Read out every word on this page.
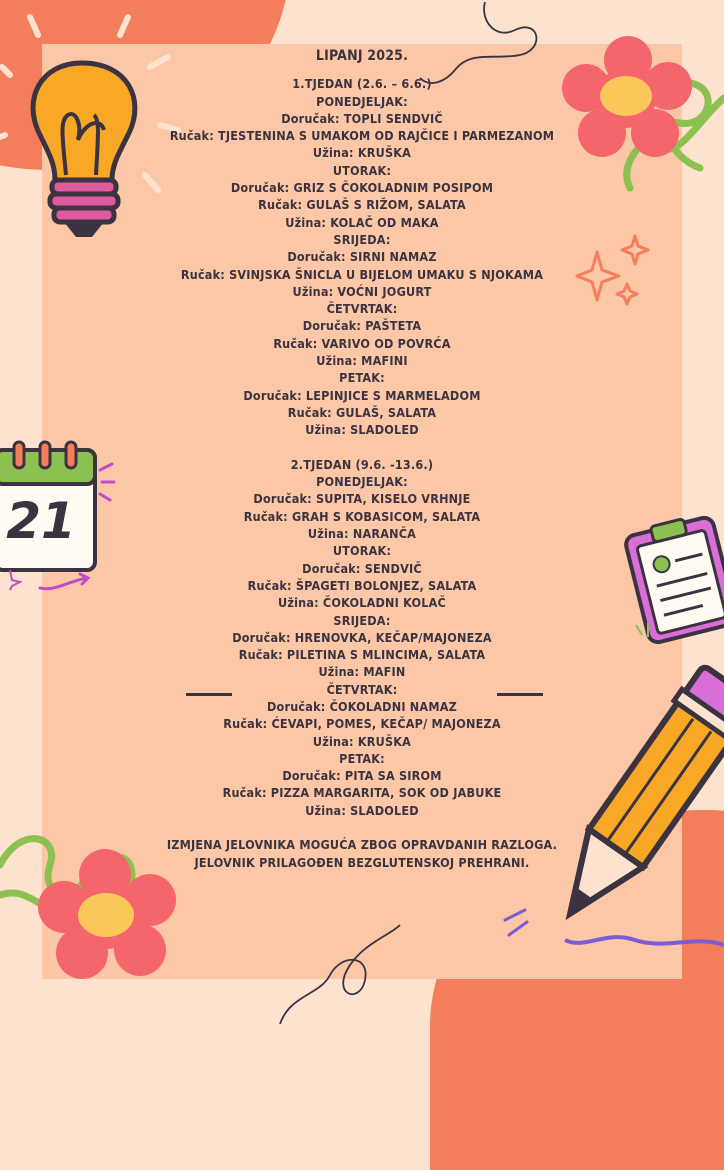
21
LIPANJ 2025.
1.TJEDAN (2.6. – 6.6.)
PONEDJELJAK:
Doručak: TOPLI SENDVIČ
Ručak: TJESTENINA S UMAKOM OD RAJČICE I PARMEZANOM
Užina: KRUŠKA
UTORAK:
Doručak: GRIZ S ČOKOLADNIM POSIPOM
Ručak: GULAŠ S RIŽOM, SALATA
Užina: KOLAČ OD MAKA
SRIJEDA:
Doručak: SIRNI NAMAZ
Ručak: SVINJSKA ŠNICLA U BIJELOM UMAKU S NJOKAMA
Užina: VOĆNI JOGURT
ČETVRTAK:
Doručak: PAŠTETA
Ručak: VARIVO OD POVRĆA
Užina: MAFINI
PETAK:
Doručak: LEPINJICE S MARMELADOM
Ručak: GULAŠ, SALATA
Užina: SLADOLED
2.TJEDAN (9.6. -13.6.)
PONEDJELJAK:
Doručak: SUPITA, KISELO VRHNJE
Ručak: GRAH S KOBASICOM, SALATA
Užina: NARANČA
UTORAK:
Doručak: SENDVIČ
Ručak: ŠPAGETI BOLONJEZ, SALATA
Užina: ČOKOLADNI KOLAČ
SRIJEDA:
Doručak: HRENOVKA, KEČAP/MAJONEZA
Ručak: PILETINA S MLINCIMA, SALATA
Užina: MAFIN
ČETVRTAK:
Doručak: ČOKOLADNI NAMAZ
Ručak: ĆEVAPI, POMES, KEČAP/ MAJONEZA
Užina: KRUŠKA
PETAK:
Doručak: PITA SA SIROM
Ručak: PIZZA MARGARITA, SOK OD JABUKE
Užina: SLADOLED
IZMJENA JELOVNIKA MOGUĆA ZBOG OPRAVDANIH RAZLOGA.
JELOVNIK PRILAGOĐEN BEZGLUTENSKOJ PREHRANI.
